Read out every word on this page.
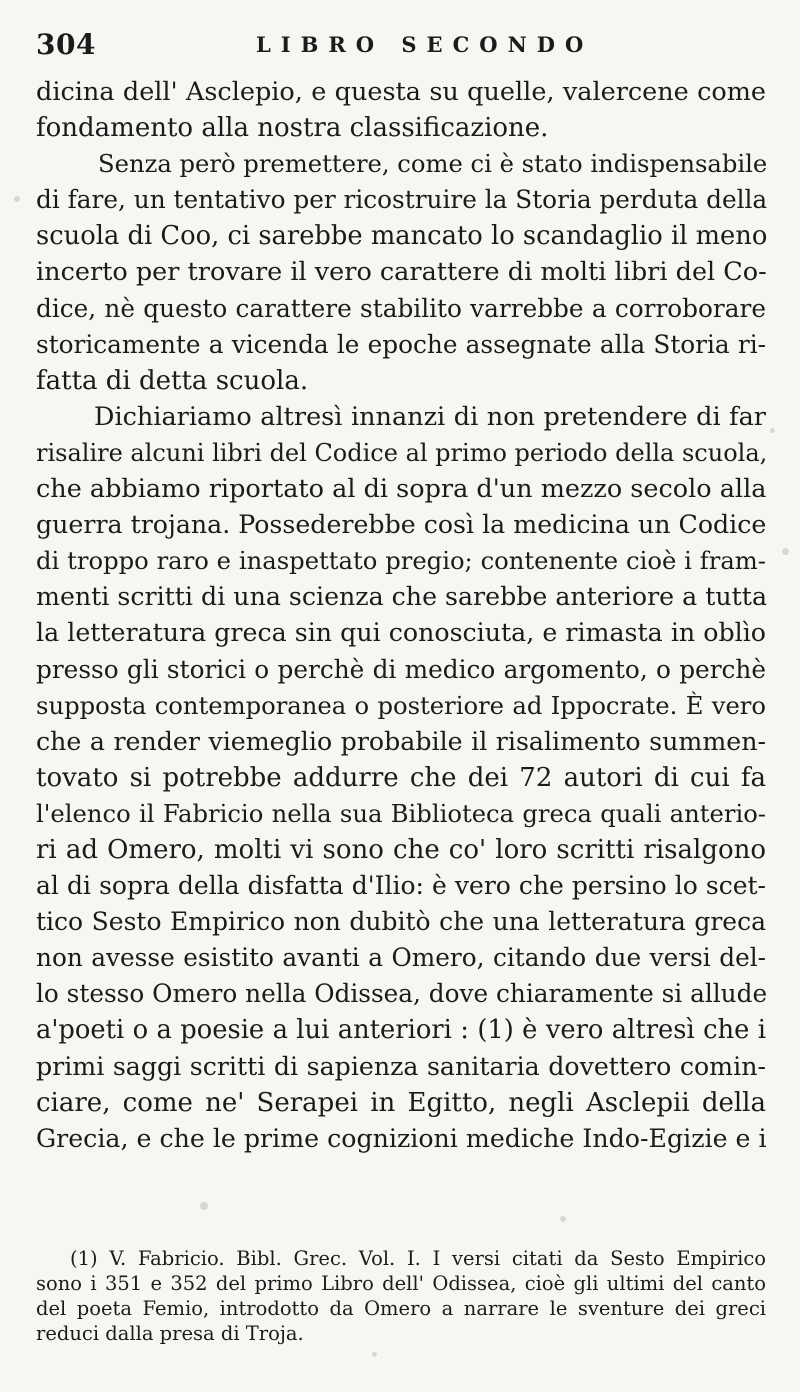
304	LIBRO SECONDO
dicina dell' Asclepio, e questa su quelle, valercene come
fondamento alla nostra classificazione.
Senza però premettere, come ci è stato indispensabile
di fare, un tentativo per ricostruire la Storia perduta della
scuola di Coo, ci sarebbe mancato lo scandaglio il meno
incerto per trovare il vero carattere di molti libri del Co-
dice, nè questo carattere stabilito varrebbe a corroborare
storicamente a vicenda le epoche assegnate alla Storia ri-
fatta di detta scuola.
Dichiariamo altresì innanzi di non pretendere di far
risalire alcuni libri del Codice al primo periodo della scuola,
che abbiamo riportato al di sopra d'un mezzo secolo alla
guerra trojana. Possederebbe così la medicina un Codice
di troppo raro e inaspettato pregio; contenente cioè i fram-
menti scritti di una scienza che sarebbe anteriore a tutta
la letteratura greca sin qui conosciuta, e rimasta in oblìo
presso gli storici o perchè di medico argomento, o perchè
supposta contemporanea o posteriore ad Ippocrate. È vero
che a render viemeglio probabile il risalimento summen-
tovato si potrebbe addurre che dei 72 autori di cui fa
l'elenco il Fabricio nella sua Biblioteca greca quali anterio-
ri ad Omero, molti vi sono che co' loro scritti risalgono
al di sopra della disfatta d'Ilio: è vero che persino lo scet-
tico Sesto Empirico non dubitò che una letteratura greca
non avesse esistito avanti a Omero, citando due versi del-
lo stesso Omero nella Odissea, dove chiaramente si allude
a'poeti o a poesie a lui anteriori : (1) è vero altresì che i
primi saggi scritti di sapienza sanitaria dovettero comin-
ciare, come ne' Serapei in Egitto, negli Asclepii della
Grecia, e che le prime cognizioni mediche Indo-Egizie e i
(1) V. Fabricio. Bibl. Grec. Vol. I. I versi citati da Sesto Empirico
sono i 351 e 352 del primo Libro dell' Odissea, cioè gli ultimi del canto
del poeta Femio, introdotto da Omero a narrare le sventure dei greci
reduci dalla presa di Troja.
